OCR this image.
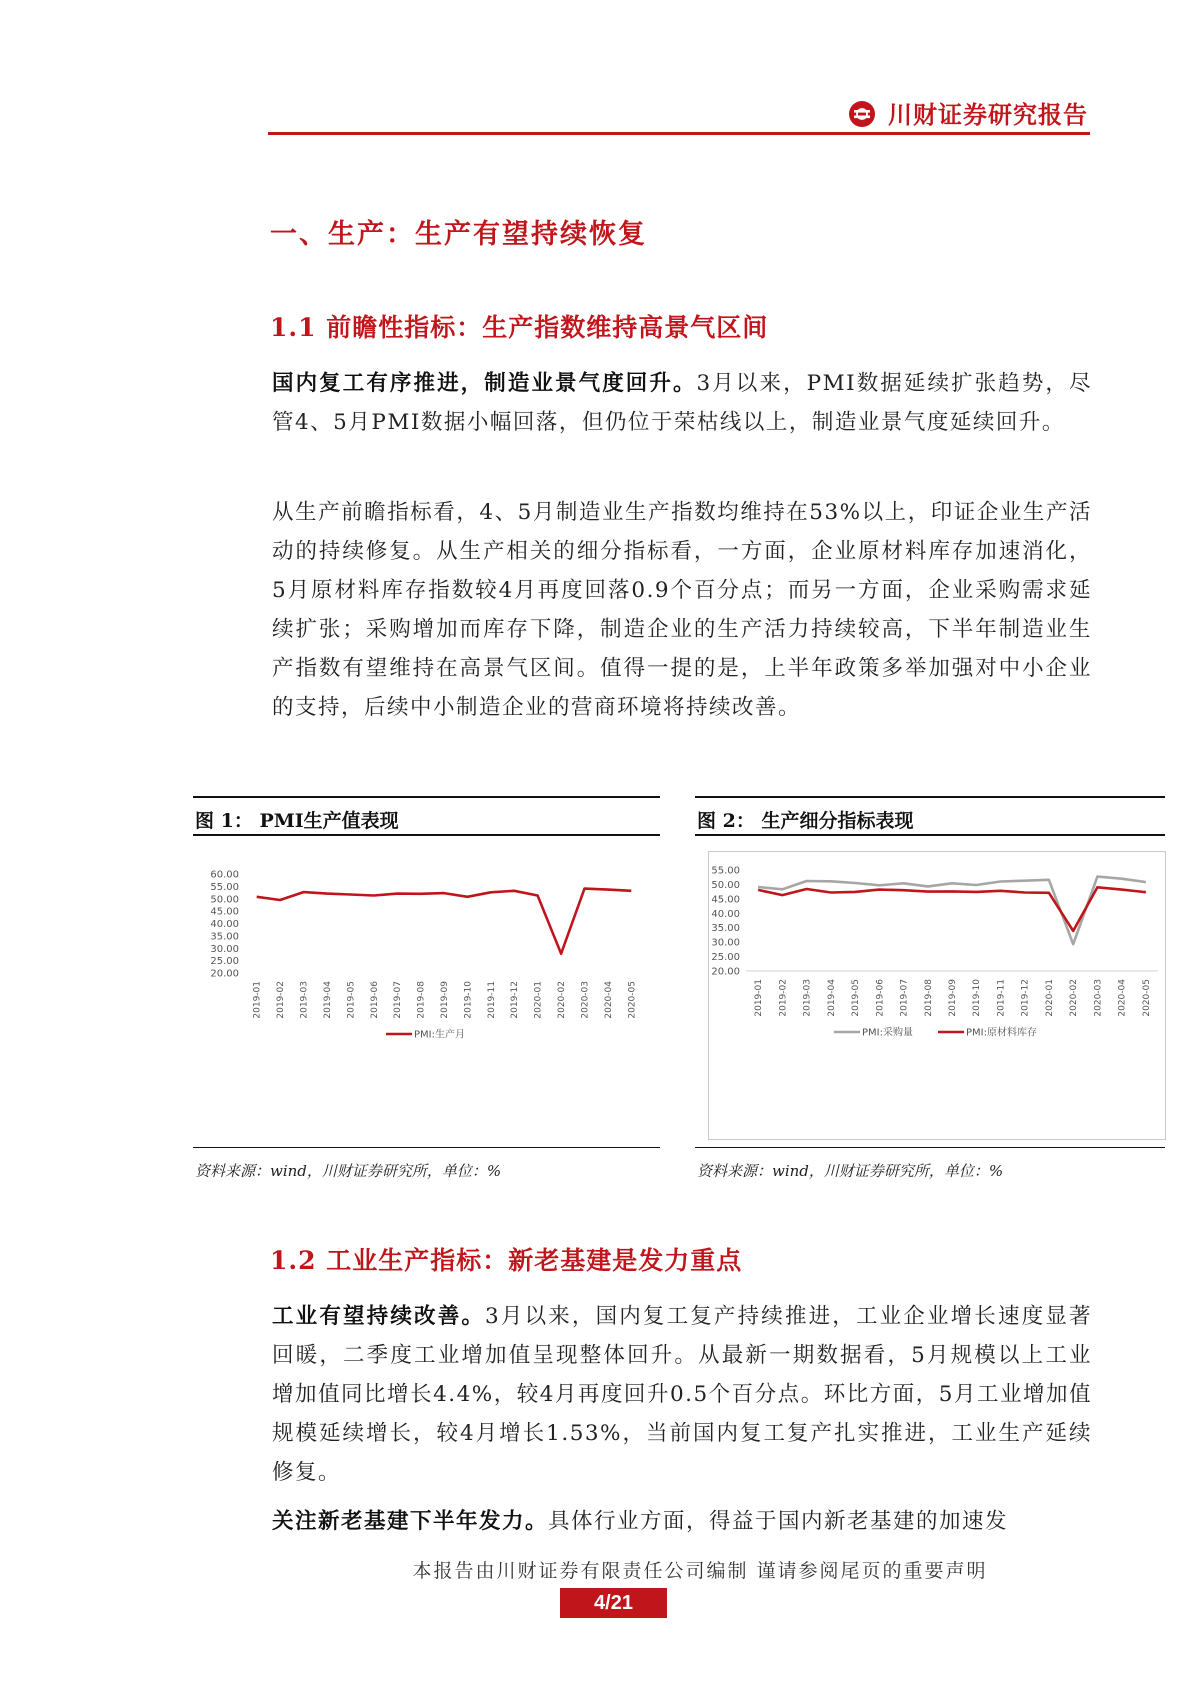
川财证券研究报告
一、生产：生产有望持续恢复
1.1 前瞻性指标：生产指数维持高景气区间
国内复工有序推进，制造业景气度回升。3月以来，PMI数据延续扩张趋势，尽管4、5月PMI数据小幅回落，但仍位于荣枯线以上，制造业景气度延续回升。
从生产前瞻指标看，4、5月制造业生产指数均维持在53%以上，印证企业生产活动的持续修复。从生产相关的细分指标看，一方面，企业原材料库存加速消化，5月原材料库存指数较4月再度回落0.9个百分点；而另一方面，企业采购需求延续扩张；采购增加而库存下降，制造企业的生产活力持续较高，下半年制造业生产指数有望维持在高景气区间。值得一提的是，上半年政策多举加强对中小企业的支持，后续中小制造企业的营商环境将持续改善。
图 1： PMI生产值表现
60.00
55.00
50.00
45.00
40.00
35.00
30.00
25.00
20.00
2019-01 2019-02 2019-03 2019-04 2019-05 2019-06 2019-07 2019-08 2019-09 2019-10 2019-11 2019-12 2020-01 2020-02 2020-03 2020-04 2020-05
PMI:生产月
资料来源：wind，川财证券研究所，单位：%
图 2： 生产细分指标表现
55.00
50.00
45.00
40.00
35.00
30.00
25.00
20.00
2019-01 2019-02 2019-03 2019-04 2019-05 2019-06 2019-07 2019-08 2019-09 2019-10 2019-11 2019-12 2020-01 2020-02 2020-03 2020-04 2020-05
PMI:采购量	PMI:原材料库存
资料来源：wind，川财证券研究所，单位：%
1.2 工业生产指标：新老基建是发力重点
工业有望持续改善。3月以来，国内复工复产持续推进，工业企业增长速度显著回暖，二季度工业增加值呈现整体回升。从最新一期数据看，5月规模以上工业增加值同比增长4.4%，较4月再度回升0.5个百分点。环比方面，5月工业增加值规模延续增长，较4月增长1.53%，当前国内复工复产扎实推进，工业生产延续修复。
关注新老基建下半年发力。具体行业方面，得益于国内新老基建的加速发
本报告由川财证券有限责任公司编制 谨请参阅尾页的重要声明
4/21
